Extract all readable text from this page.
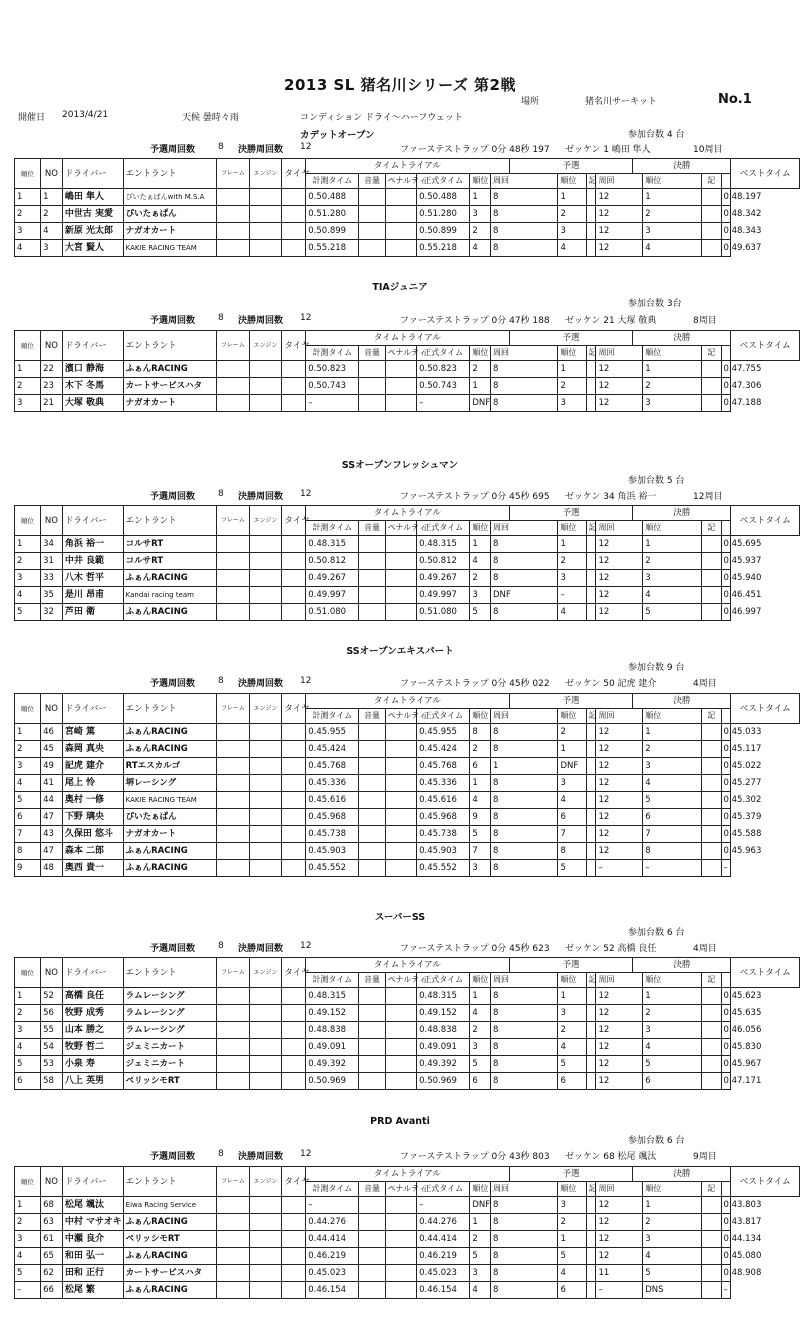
2013 SL 猪名川シリーズ 第2戦
場所	猪名川サーキット	No.1
開催日 2013/4/21	天候 曇時々雨	コンディション ドライ～ハーフウェット
カデットオープン	参加台数 4 台
予選周回数	8 決勝周回数 12	ファーステストラップ 0分 48秒 197 ゼッケン 1 嶋田 隼人	10周目
順位	NO	ドライバー	エントラント	フレーム	エンジン	タイヤ	タイムトライアル						予選				決勝				ベストタイム
							計測タイム	音量	ペナルティ	正式タイム	順位	周回		順位	記	周回		順位	記		
1	1	嶋田 隼人	ぴいたぁぱんwith M.S.A				0.50.488			0.50.488	1	8		1		12		1		0.48.197	
2	2	中世古 実愛	ぴいたぁぱん				0.51.280			0.51.280	3	8		2		12		2		0.48.342	
3	4	新原 光太郎	ナガオカート				0.50.899			0.50.899	2	8		3		12		3		0.48.343	
4	3	大宮 賢人	KAKIE RACING TEAM				0.55.218			0.55.218	4	8		4		12		4		0.49.637	
TIAジュニア
参加台数 3台
予選周回数	8 決勝周回数 12	ファーステストラップ 0分 47秒 188 ゼッケン 21 大塚 敬典	8周目
順位	NO	ドライバー	エントラント	フレーム	エンジン	タイヤ	タイムトライアル						予選				決勝				ベストタイム
							計測タイム	音量	ペナルティ	正式タイム	順位	周回		順位	記	周回		順位	記		
1	22	濱口 静海	ふぁんRACING				0.50.823			0.50.823	2	8		1		12		1		0.47.755	
2	23	木下 冬馬	カートサービスハタ				0.50.743			0.50.743	1	8		2		12		2		0.47.306	
3	21	大塚 敬典	ナガオカート				–			–	DNF	8		3		12		3		0.47.188	
SSオープンフレッシュマン
参加台数 5 台
予選周回数	8 決勝周回数 12	ファーステストラップ 0分 45秒 695 ゼッケン 34 角浜 裕一	12周目
順位	NO	ドライバー	エントラント	フレーム	エンジン	タイヤ	タイムトライアル						予選				決勝				ベストタイム
							計測タイム	音量	ペナルティ	正式タイム	順位	周回		順位	記	周回		順位	記		
1	34	角浜 裕一	コルサRT				0.48.315			0.48.315	1	8		1		12		1		0.45.695	
2	31	中井 良範	コルサRT				0.50.812			0.50.812	4	8		2		12		2		0.45.937	
3	33	八木 哲平	ふぁんRACING				0.49.267			0.49.267	2	8		3		12		3		0.45.940	
4	35	是川 昂甫	Kandai racing team				0.49.997			0.49.997	3	DNF		–		12		4		0.46.451	
5	32	芦田 衛	ふぁんRACING				0.51.080			0.51.080	5	8		4		12		5		0.46.997	
SSオープンエキスパート
参加台数 9 台
予選周回数	8 決勝周回数 12	ファーステストラップ 0分 45秒 022 ゼッケン 50 記虎 建介	4周目
順位	NO	ドライバー	エントラント	フレーム	エンジン	タイヤ	タイムトライアル						予選				決勝				ベストタイム
							計測タイム	音量	ペナルティ	正式タイム	順位	周回		順位	記	周回		順位	記		
1	46	宮崎 篤	ふぁんRACING				0.45.955			0.45.955	8	8		2		12		1		0.45.033	
2	45	森岡 真央	ふぁんRACING				0.45.424			0.45.424	2	8		1		12		2		0.45.117	
3	49	記虎 建介	RTエスカルゴ				0.45.768			0.45.768	6	1		DNF		12		3		0.45.022	
4	41	尾上 怜	堺レーシング				0.45.336			0.45.336	1	8		3		12		4		0.45.277	
5	44	奥村 一修	KAKIE RACING TEAM				0.45.616			0.45.616	4	8		4		12		5		0.45.302	
6	47	下野 璃央	ぴいたぁぱん				0.45.968			0.45.968	9	8		6		12		6		0.45.379	
7	43	久保田 悠斗	ナガオカート				0.45.738			0.45.738	5	8		7		12		7		0.45.588	
8	47	森本 二郎	ふぁんRACING				0.45.903			0.45.903	7	8		8		12		8		0.45.963	
9	48	奥西 貴一	ふぁんRACING				0.45.552			0.45.552	3	8		5		–		–		–	
スーパーSS
参加台数 6 台
予選周回数	8 決勝周回数 12	ファーステストラップ 0分 45秒 623 ゼッケン 52 高橋 良任	4周目
順位	NO	ドライバー	エントラント	フレーム	エンジン	タイヤ	タイムトライアル						予選				決勝				ベストタイム
							計測タイム	音量	ペナルティ	正式タイム	順位	周回		順位	記	周回		順位	記		
1	52	高橋 良任	ラムレーシング				0.48.315			0.48.315	1	8		1		12		1		0.45.623	
2	56	牧野 成秀	ラムレーシング				0.49.152			0.49.152	4	8		3		12		2		0.45.635	
3	55	山本 勝之	ラムレーシング				0.48.838			0.48.838	2	8		2		12		3		0.46.056	
4	54	牧野 哲二	ジェミニカート				0.49.091			0.49.091	3	8		4		12		4		0.45.830	
5	53	小泉 寿	ジェミニカート				0.49.392			0.49.392	5	8		5		12		5		0.45.967	
6	58	八上 英男	ペリッシモRT				0.50.969			0.50.969	6	8		6		12		6		0.47.171	
PRD Avanti
参加台数 6 台
予選周回数	8 決勝周回数 12	ファーステストラップ 0分 43秒 803 ゼッケン 68 松尾 颯汰	9周目
順位	NO	ドライバー	エントラント	フレーム	エンジン	タイヤ	タイムトライアル						予選				決勝				ベストタイム
							計測タイム	音量	ペナルティ	正式タイム	順位	周回		順位	記	周回		順位	記		
1	68	松尾 颯汰	Eiwa Racing Service				–			–	DNF	8		3		12		1		0.43.803	
2	63	中村 マサオキ	ふぁんRACING				0.44.276			0.44.276	1	8		2		12		2		0.43.817	
3	61	中瀬 良介	ペリッシモRT				0.44.414			0.44.414	2	8		1		12		3		0.44.134	
4	65	和田 弘一	ふぁんRACING				0.46.219			0.46.219	5	8		5		12		4		0.45.080	
5	62	田和 正行	カートサービスハタ				0.45.023			0.45.023	3	8		4		11		5		0.48.908	
–	66	松尾 繁	ふぁんRACING				0.46.154			0.46.154	4	8		6		–		DNS		–	
